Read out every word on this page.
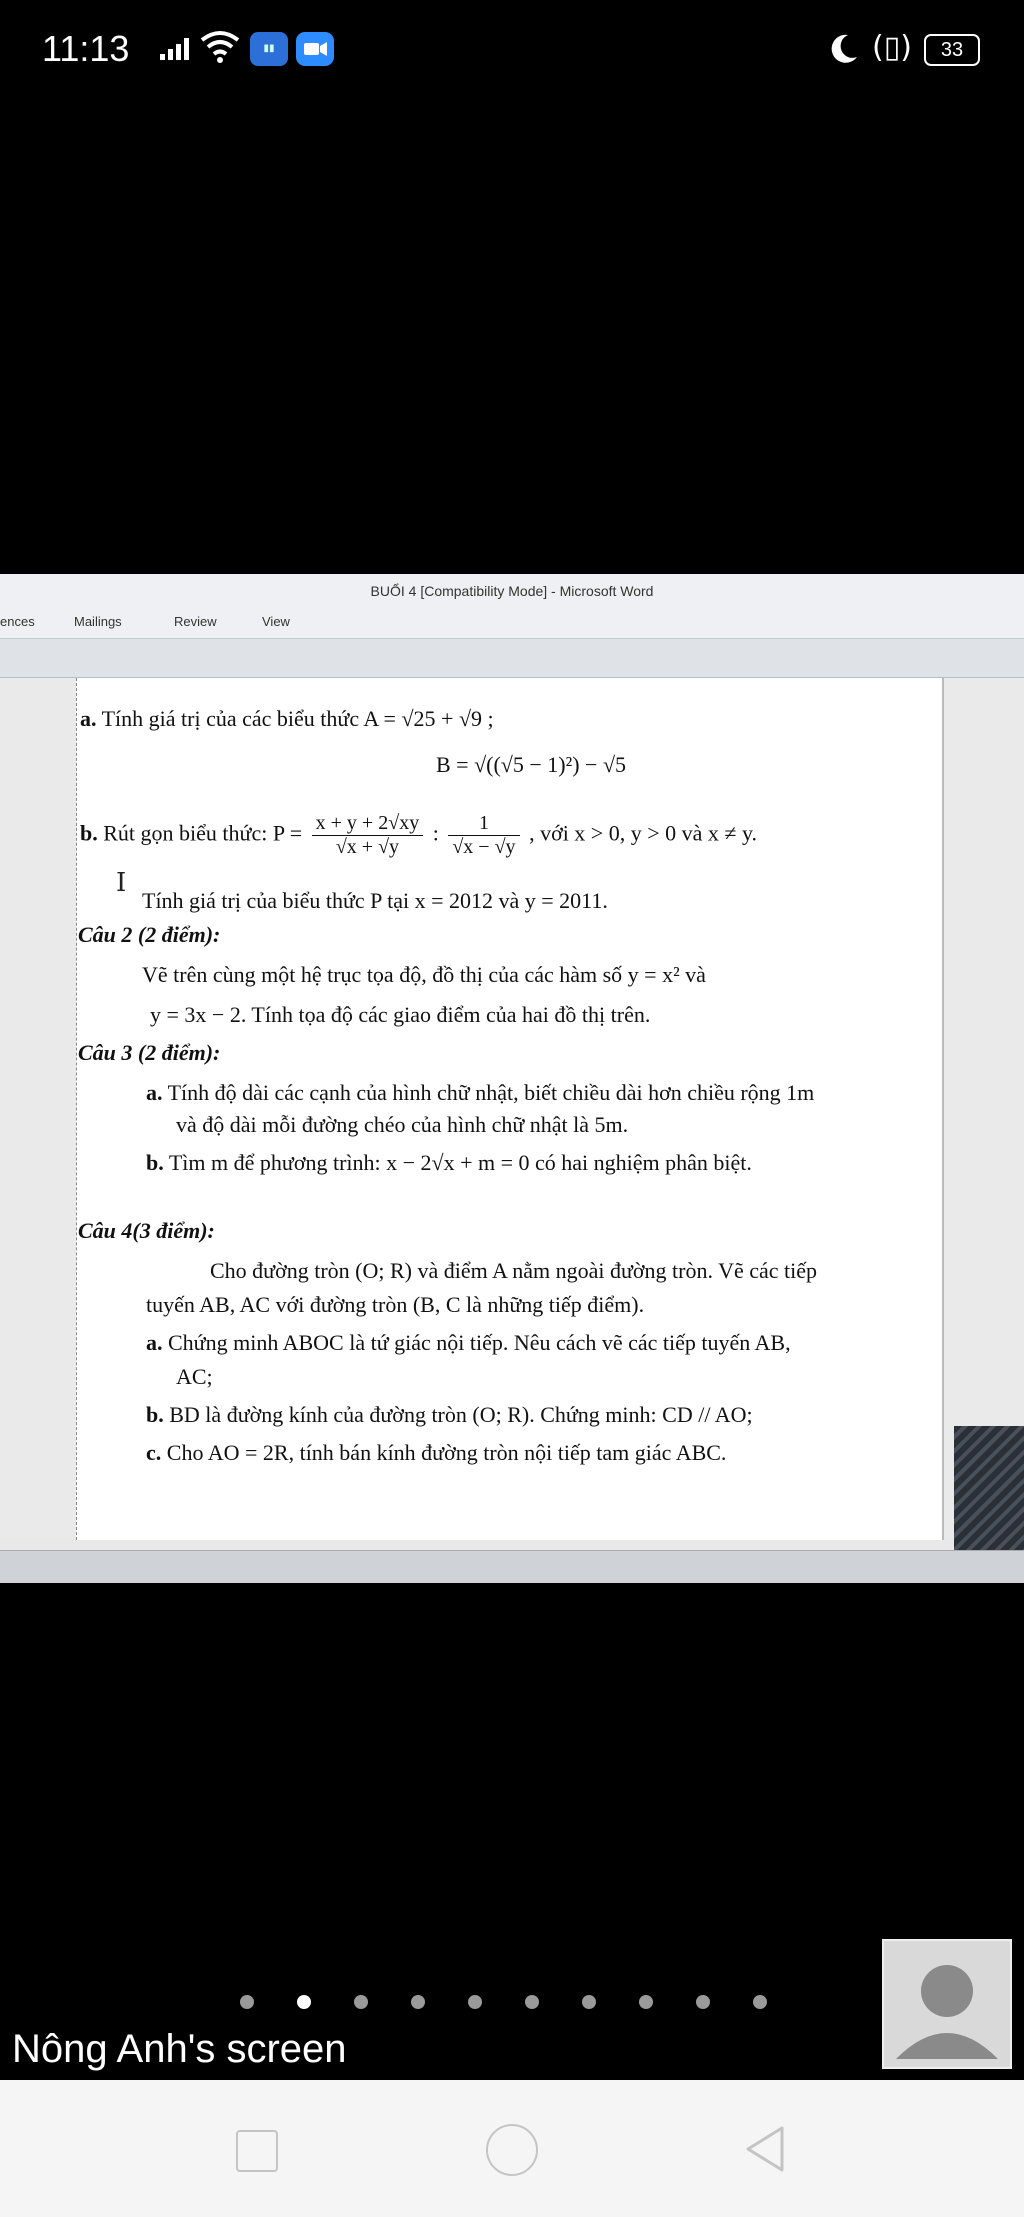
11:13	▮▮	(▯)	33
BUỔI 4 [Compatibility Mode] - Microsoft Word
ences	Mailings	Review	View
a. Tính giá trị của các biểu thức A = √25 + √9 ;
B = √((√5 − 1)²) − √5
b. Rút gọn biểu thức: $P = \frac{x + y + 2√xy}{√x + √y}$ : $\frac{1}{√x - √y}$ , với x > 0, y > 0 và x ≠ y.
I
Tính giá trị của biểu thức P tại x = 2012 và y = 2011.
Câu 2 (2 điểm):
Vẽ trên cùng một hệ trục tọa độ, đồ thị của các hàm số y = x² và
y = 3x − 2. Tính tọa độ các giao điểm của hai đồ thị trên.
Câu 3 (2 điểm):
a. Tính độ dài các cạnh của hình chữ nhật, biết chiều dài hơn chiều rộng 1m
và độ dài mỗi đường chéo của hình chữ nhật là 5m.
b. Tìm m để phương trình: x − 2√x + m = 0 có hai nghiệm phân biệt.
Câu 4(3 điểm):
Cho đường tròn (O; R) và điểm A nằm ngoài đường tròn. Vẽ các tiếp
tuyến AB, AC với đường tròn (B, C là những tiếp điểm).
a. Chứng minh ABOC là tứ giác nội tiếp. Nêu cách vẽ các tiếp tuyến AB,
AC;
b. BD là đường kính của đường tròn (O; R). Chứng minh: CD // AO;
c. Cho AO = 2R, tính bán kính đường tròn nội tiếp tam giác ABC.
Nông Anh's screen
